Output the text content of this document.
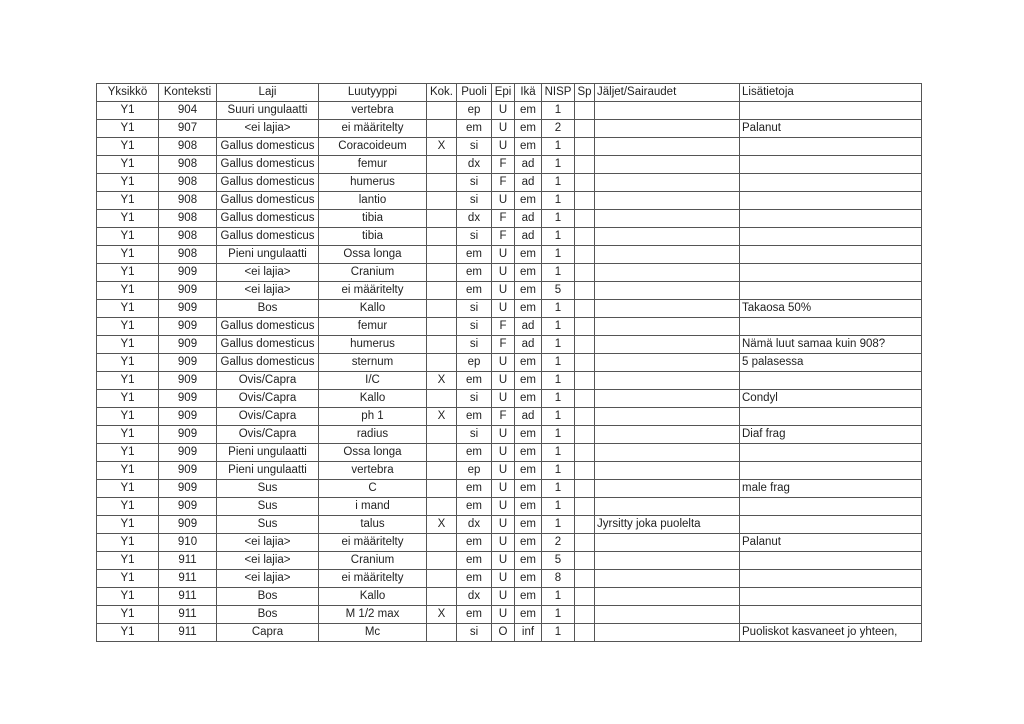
Yksikkö	Konteksti	Laji	Luutyyppi	Kok.	Puoli	Epi	Ikä	NISP	Sp	Jäljet/Sairaudet	Lisätietoja
Y1	904	Suuri ungulaatti	vertebra		ep	U	em	1			
Y1	907	<ei lajia>	ei määritelty		em	U	em	2			Palanut
Y1	908	Gallus domesticus	Coracoideum	X	si	U	em	1			
Y1	908	Gallus domesticus	femur		dx	F	ad	1			
Y1	908	Gallus domesticus	humerus		si	F	ad	1			
Y1	908	Gallus domesticus	lantio		si	U	em	1			
Y1	908	Gallus domesticus	tibia		dx	F	ad	1			
Y1	908	Gallus domesticus	tibia		si	F	ad	1			
Y1	908	Pieni ungulaatti	Ossa longa		em	U	em	1			
Y1	909	<ei lajia>	Cranium		em	U	em	1			
Y1	909	<ei lajia>	ei määritelty		em	U	em	5			
Y1	909	Bos	Kallo		si	U	em	1			Takaosa 50%
Y1	909	Gallus domesticus	femur		si	F	ad	1			
Y1	909	Gallus domesticus	humerus		si	F	ad	1			Nämä luut samaa kuin 908?
Y1	909	Gallus domesticus	sternum		ep	U	em	1			5 palasessa
Y1	909	Ovis/Capra	I/C	X	em	U	em	1			
Y1	909	Ovis/Capra	Kallo		si	U	em	1			Condyl
Y1	909	Ovis/Capra	ph 1	X	em	F	ad	1			
Y1	909	Ovis/Capra	radius		si	U	em	1			Diaf frag
Y1	909	Pieni ungulaatti	Ossa longa		em	U	em	1			
Y1	909	Pieni ungulaatti	vertebra		ep	U	em	1			
Y1	909	Sus	C		em	U	em	1			male frag
Y1	909	Sus	i mand		em	U	em	1			
Y1	909	Sus	talus	X	dx	U	em	1		Jyrsitty joka puolelta	
Y1	910	<ei lajia>	ei määritelty		em	U	em	2			Palanut
Y1	911	<ei lajia>	Cranium		em	U	em	5			
Y1	911	<ei lajia>	ei määritelty		em	U	em	8			
Y1	911	Bos	Kallo		dx	U	em	1			
Y1	911	Bos	M 1/2 max	X	em	U	em	1			
Y1	911	Capra	Mc		si	O	inf	1			Puoliskot kasvaneet jo yhteen,
